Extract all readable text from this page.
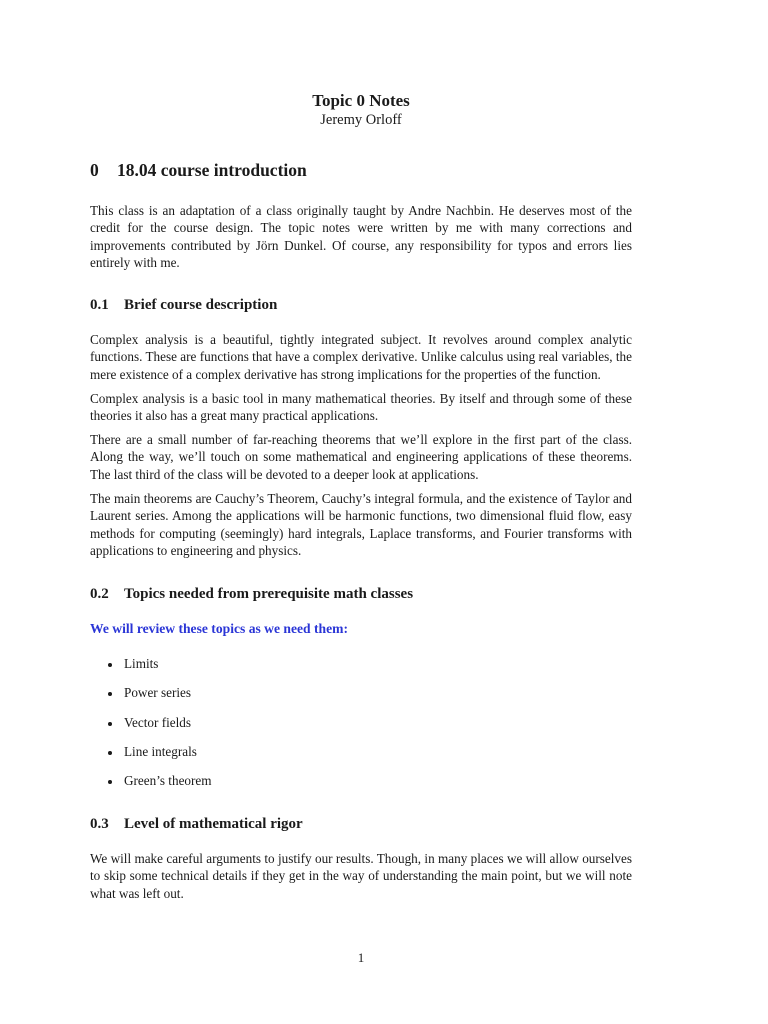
Topic 0 Notes
Jeremy Orloff
0 18.04 course introduction

This class is an adaptation of a class originally taught by Andre Nachbin. He deserves most of the credit for the course design. The topic notes were written by me with many corrections and improvements contributed by Jörn Dunkel. Of course, any responsibility for typos and errors lies entirely with me.

0.1 Brief course description

Complex analysis is a beautiful, tightly integrated subject. It revolves around complex analytic functions. These are functions that have a complex derivative. Unlike calculus using real variables, the mere existence of a complex derivative has strong implications for the properties of the function.

Complex analysis is a basic tool in many mathematical theories. By itself and through some of these theories it also has a great many practical applications.

There are a small number of far-reaching theorems that we’ll explore in the first part of the class. Along the way, we’ll touch on some mathematical and engineering applications of these theorems. The last third of the class will be devoted to a deeper look at applications.

The main theorems are Cauchy’s Theorem, Cauchy’s integral formula, and the existence of Taylor and Laurent series. Among the applications will be harmonic functions, two dimensional fluid flow, easy methods for computing (seemingly) hard integrals, Laplace transforms, and Fourier transforms with applications to engineering and physics.

0.2 Topics needed from prerequisite math classes
We will review these topics as we need them:
Limits
Power series
Vector fields
Line integrals
Green’s theorem
0.3 Level of mathematical rigor

We will make careful arguments to justify our results. Though, in many places we will allow ourselves to skip some technical details if they get in the way of understanding the main point, but we will note what was left out.

1
